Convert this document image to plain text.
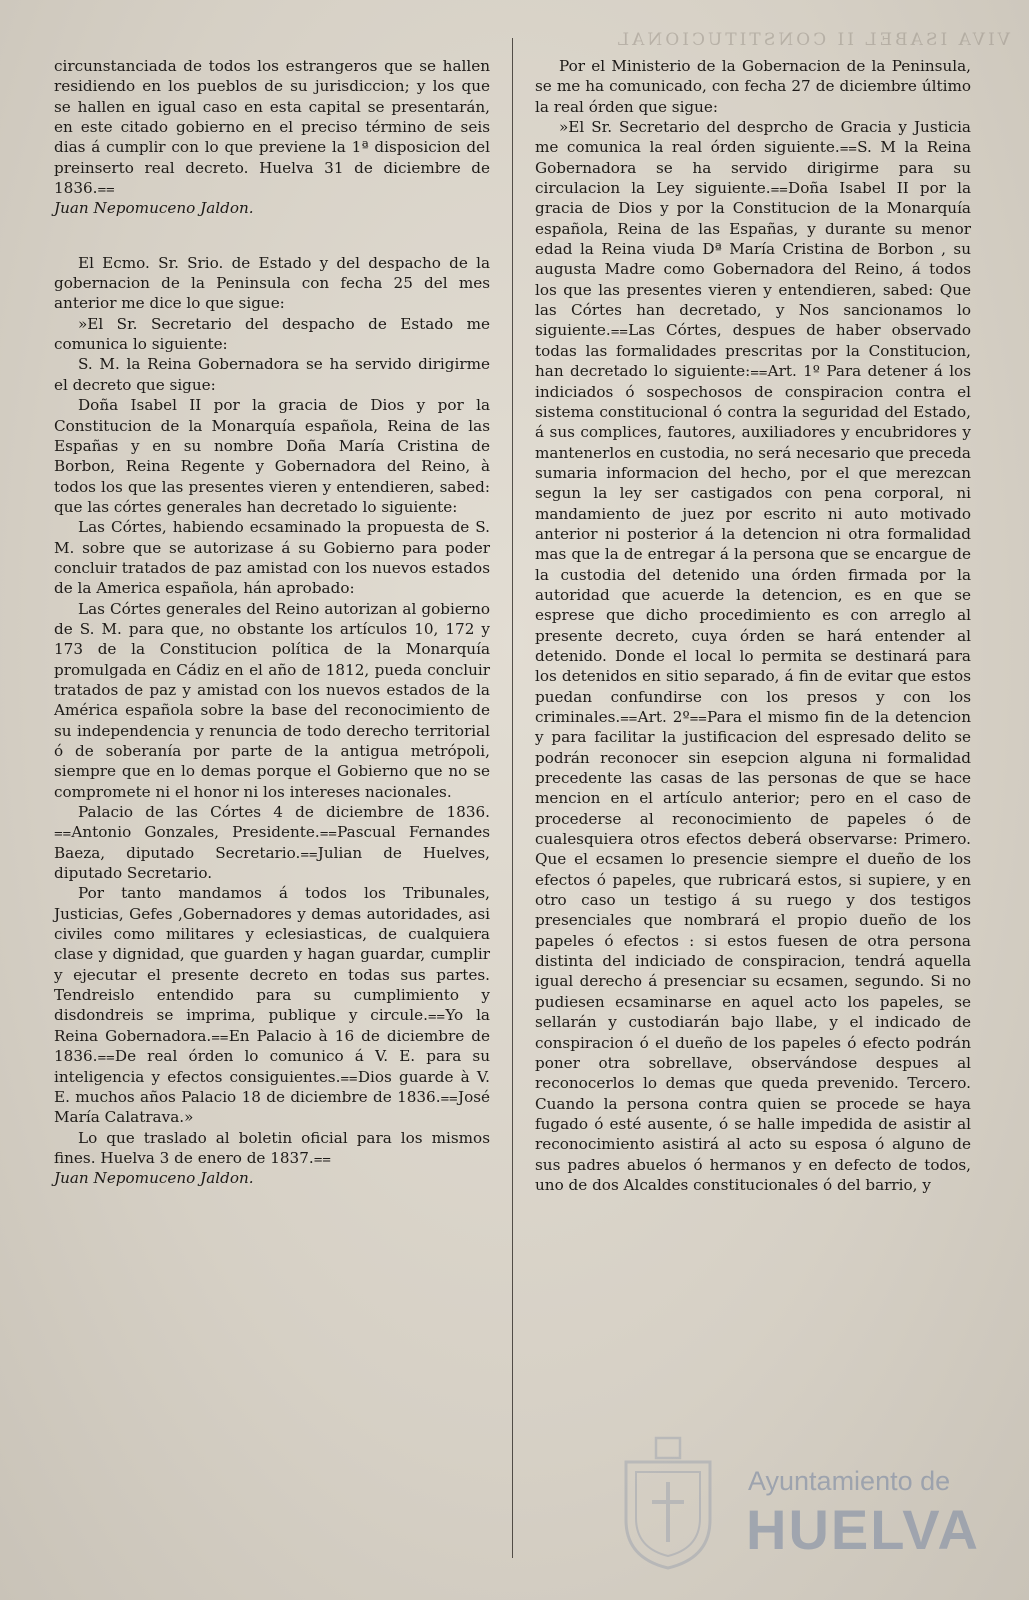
VIVA ISABEL II CONSTITUCIONAL

circunstanciada de todos los estrangeros que se hallen residiendo en los pueblos de su jurisdiccion; y los que se hallen en igual caso en esta capital se presentarán, en este citado gobierno en el preciso término de seis dias á cumplir con lo que previene la 1ª disposicion del preinserto real decreto. Huelva 31 de diciembre de 1836.⩵

Juan Nepomuceno Jaldon.

El Ecmo. Sr. Srio. de Estado y del despacho de la gobernacion de la Peninsula con fecha 25 del mes anterior me dice lo que sigue:

»El Sr. Secretario del despacho de Estado me comunica lo siguiente:

S. M. la Reina Gobernadora se ha servido dirigirme el decreto que sigue:

Doña Isabel II por la gracia de Dios y por la Constitucion de la Monarquía española, Reina de las Españas y en su nombre Doña María Cristina de Borbon, Reina Regente y Gobernadora del Reino, à todos los que las presentes vieren y entendieren, sabed: que las córtes generales han decretado lo siguiente:

Las Córtes, habiendo ecsaminado la propuesta de S. M. sobre que se autorizase á su Gobierno para poder concluir tratados de paz amistad con los nuevos estados de la America española, hán aprobado:

Las Córtes generales del Reino autorizan al gobierno de S. M. para que, no obstante los artículos 10, 172 y 173 de la Constitucion política de la Monarquía promulgada en Cádiz en el año de 1812, pueda concluir tratados de paz y amistad con los nuevos estados de la América española sobre la base del reconocimiento de su independencia y renuncia de todo derecho territorial ó de soberanía por parte de la antigua metrópoli, siempre que en lo demas porque el Gobierno que no se compromete ni el honor ni los intereses nacionales.

Palacio de las Córtes 4 de diciembre de 1836. ⩵Antonio Gonzales, Presidente.⩵Pascual Fernandes Baeza, diputado Secretario.⩵Julian de Huelves, diputado Secretario.

Por tanto mandamos á todos los Tribunales, Justicias, Gefes ,Gobernadores y demas autoridades, asi civiles como militares y eclesiasticas, de cualquiera clase y dignidad, que guarden y hagan guardar, cumplir y ejecutar el presente decreto en todas sus partes. Tendreislo entendido para su cumplimiento y disdondreis se imprima, publique y circule.⩵Yo la Reina Gobernadora.⩵En Palacio à 16 de diciembre de 1836.⩵De real órden lo comunico á V. E. para su inteligencia y efectos consiguientes.⩵Dios guarde à V. E. muchos años Palacio 18 de diciembre de 1836.⩵José María Calatrava.»

Lo que traslado al boletin oficial para los mismos fines. Huelva 3 de enero de 1837.⩵

Juan Nepomuceno Jaldon.

Por el Ministerio de la Gobernacion de la Peninsula, se me ha comunicado, con fecha 27 de diciembre último la real órden que sigue:

»El Sr. Secretario del desprcho de Gracia y Justicia me comunica la real órden siguiente.⩵S. M la Reina Gobernadora se ha servido dirigirme para su circulacion la Ley siguiente.⩵Doña Isabel II por la gracia de Dios y por la Constitucion de la Monarquía española, Reina de las Españas, y durante su menor edad la Reina viuda Dª María Cristina de Borbon , su augusta Madre como Gobernadora del Reino, á todos los que las presentes vieren y entendieren, sabed: Que las Córtes han decretado, y Nos sancionamos lo siguiente.⩵Las Córtes, despues de haber observado todas las formalidades prescritas por la Constitucion, han decretado lo siguiente:⩵Art. 1º Para detener á los indiciados ó sospechosos de conspiracion contra el sistema constitucional ó contra la seguridad del Estado, á sus complices, fautores, auxiliadores y encubridores y mantenerlos en custodia, no será necesario que preceda sumaria informacion del hecho, por el que merezcan segun la ley ser castigados con pena corporal, ni mandamiento de juez por escrito ni auto motivado anterior ni posterior á la detencion ni otra formalidad mas que la de entregar á la persona que se encargue de la custodia del detenido una órden firmada por la autoridad que acuerde la detencion, es en que se esprese que dicho procedimiento es con arreglo al presente decreto, cuya órden se hará entender al detenido. Donde el local lo permita se destinará para los detenidos en sitio separado, á fin de evitar que estos puedan confundirse con los presos y con los criminales.⩵Art. 2º⩵Para el mismo fin de la detencion y para facilitar la justificacion del espresado delito se podrán reconocer sin esepcion alguna ni formalidad precedente las casas de las personas de que se hace mencion en el artículo anterior; pero en el caso de procederse al reconocimiento de papeles ó de cualesquiera otros efectos deberá observarse: Primero. Que el ecsamen lo presencie siempre el dueño de los efectos ó papeles, que rubricará estos, si supiere, y en otro caso un testigo á su ruego y dos testigos presenciales que nombrará el propio dueño de los papeles ó efectos : si estos fuesen de otra persona distinta del indiciado de conspiracion, tendrá aquella igual derecho á presenciar su ecsamen, segundo. Si no pudiesen ecsaminarse en aquel acto los papeles, se sellarán y custodiarán bajo llabe, y el indicado de conspiracion ó el dueño de los papeles ó efecto podrán poner otra sobrellave, observándose despues al reconocerlos lo demas que queda prevenido. Tercero. Cuando la persona contra quien se procede se haya fugado ó esté ausente, ó se halle impedida de asistir al reconocimiento asistirá al acto su esposa ó alguno de sus padres abuelos ó hermanos y en defecto de todos, uno de dos Alcaldes constitucionales ó del barrio, y

Ayuntamiento de
HUELVA
